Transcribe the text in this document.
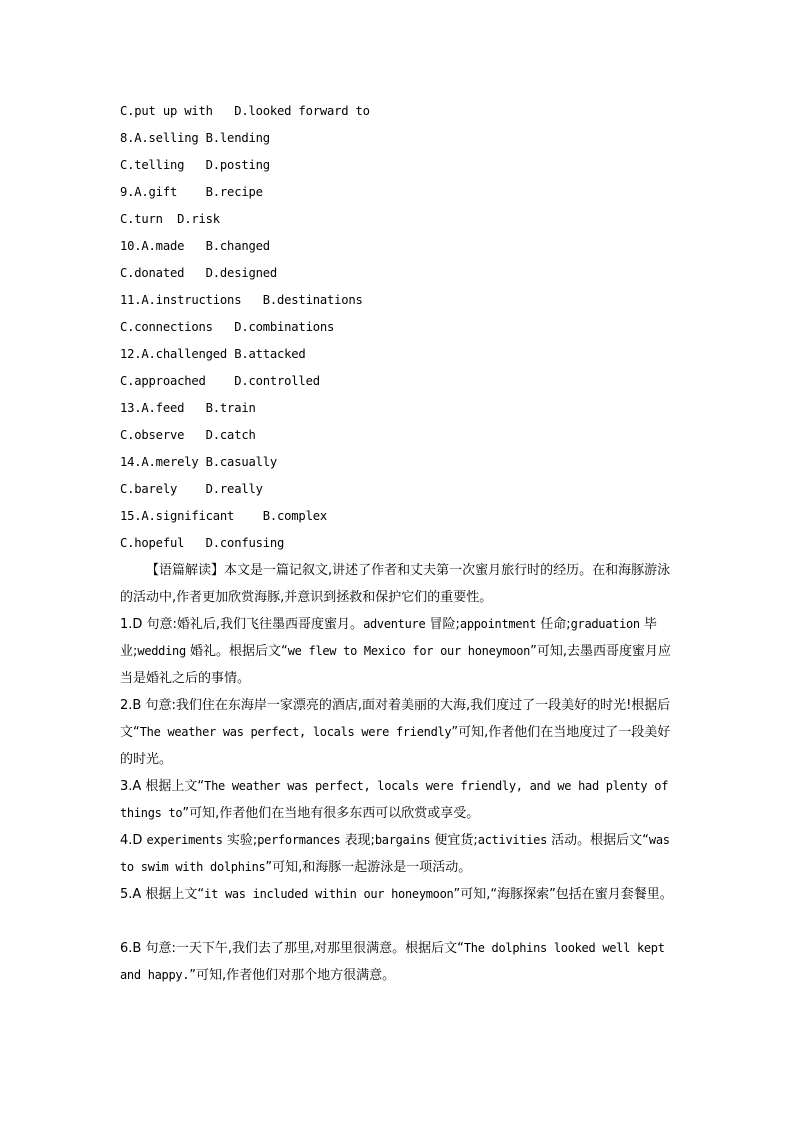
C.put up with   D.looked forward to
8.A.selling B.lending
C.telling   D.posting
9.A.gift    B.recipe
C.turn  D.risk
10.A.made   B.changed
C.donated   D.designed
11.A.instructions   B.destinations
C.connections   D.combinations
12.A.challenged B.attacked
C.approached    D.controlled
13.A.feed   B.train
C.observe   D.catch
14.A.merely B.casually
C.barely    D.really
15.A.significant    B.complex
C.hopeful   D.confusing
【语篇解读】本文是一篇记叙文,讲述了作者和丈夫第一次蜜月旅行时的经历。在和海豚游泳的活动中,作者更加欣赏海豚,并意识到拯救和保护它们的重要性。
1.D 句意:婚礼后,我们飞往墨西哥度蜜月。adventure 冒险;appointment 任命;graduation 毕业;wedding 婚礼。根据后文“we flew to Mexico for our honeymoon”可知,去墨西哥度蜜月应当是婚礼之后的事情。
2.B 句意:我们住在东海岸一家漂亮的酒店,面对着美丽的大海,我们度过了一段美好的时光!根据后文“The weather was perfect, locals were friendly”可知,作者他们在当地度过了一段美好的时光。
3.A 根据上文“The weather was perfect, locals were friendly, and we had plenty of things to”可知,作者他们在当地有很多东西可以欣赏或享受。
4.D experiments 实验;performances 表现;bargains 便宜货;activities 活动。根据后文“was to swim with dolphins”可知,和海豚一起游泳是一项活动。
5.A 根据上文“it was included within our honeymoon”可知,“海豚探索”包括在蜜月套餐里。
6.B 句意:一天下午,我们去了那里,对那里很满意。根据后文“The dolphins looked well kept and happy.”可知,作者他们对那个地方很满意。
